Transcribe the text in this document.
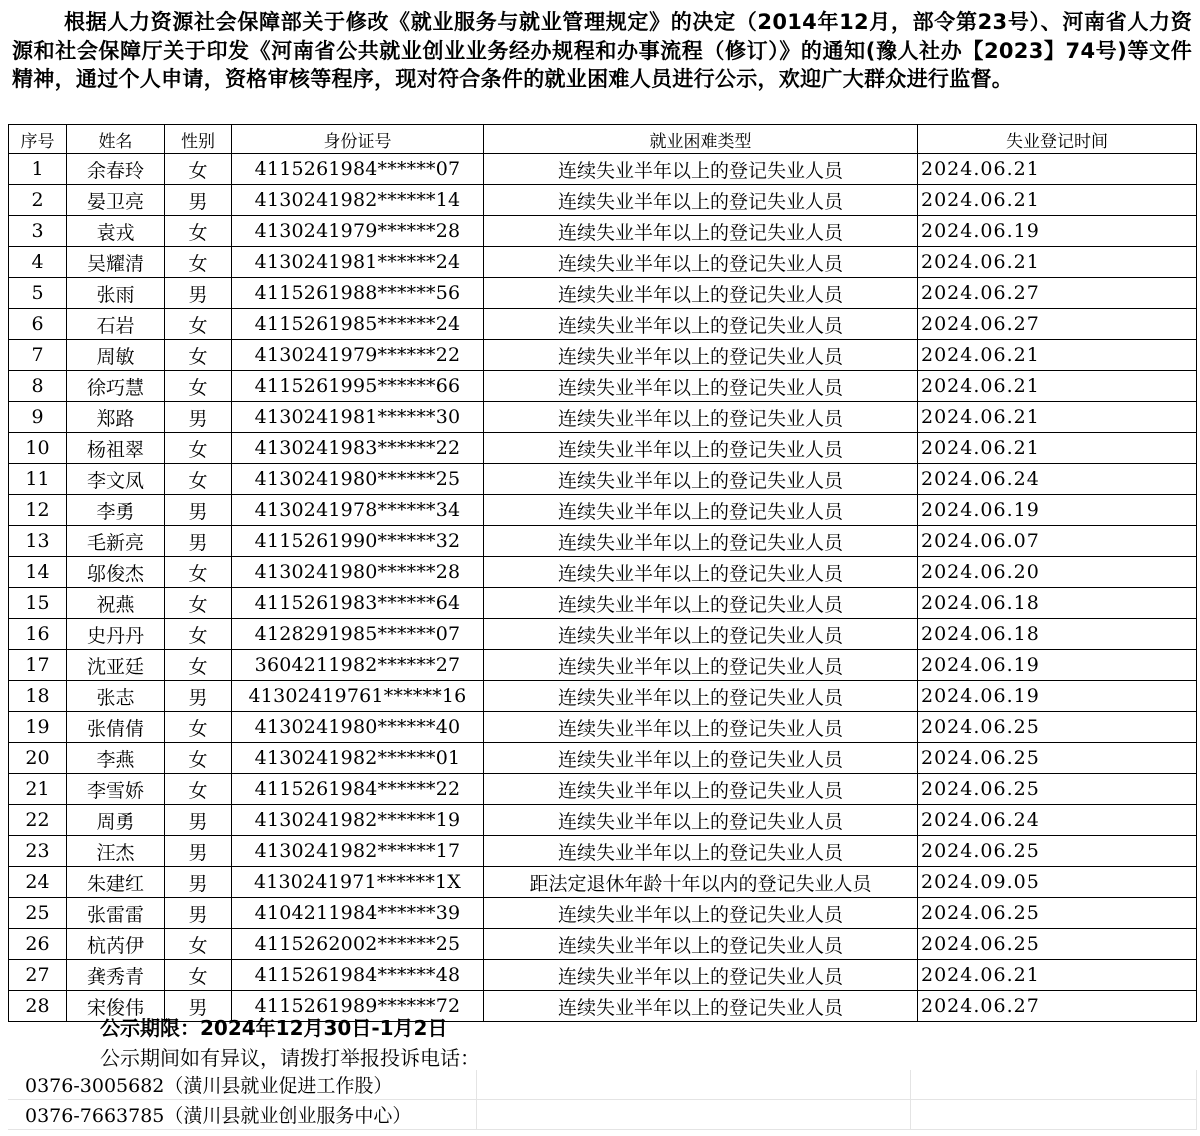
根据人力资源社会保障部关于修改《就业服务与就业管理规定》的决定（2014年12月，部令第23号）、河南省人力资源和社会保障厅关于印发《河南省公共就业创业业务经办规程和办事流程（修订）》的通知(豫人社办【2023】74号)等文件精神，通过个人申请，资格审核等程序，现对符合条件的就业困难人员进行公示，欢迎广大群众进行监督。
序号	姓名	性别	身份证号	就业困难类型	失业登记时间
1	余春玲	女	4115261984******07	连续失业半年以上的登记失业人员	2024.06.21
2	晏卫亮	男	4130241982******14	连续失业半年以上的登记失业人员	2024.06.21
3	袁戎	女	4130241979******28	连续失业半年以上的登记失业人员	2024.06.19
4	吴耀清	女	4130241981******24	连续失业半年以上的登记失业人员	2024.06.21
5	张雨	男	4115261988******56	连续失业半年以上的登记失业人员	2024.06.27
6	石岩	女	4115261985******24	连续失业半年以上的登记失业人员	2024.06.27
7	周敏	女	4130241979******22	连续失业半年以上的登记失业人员	2024.06.21
8	徐巧慧	女	4115261995******66	连续失业半年以上的登记失业人员	2024.06.21
9	郑路	男	4130241981******30	连续失业半年以上的登记失业人员	2024.06.21
10	杨祖翠	女	4130241983******22	连续失业半年以上的登记失业人员	2024.06.21
11	李文凤	女	4130241980******25	连续失业半年以上的登记失业人员	2024.06.24
12	李勇	男	4130241978******34	连续失业半年以上的登记失业人员	2024.06.19
13	毛新亮	男	4115261990******32	连续失业半年以上的登记失业人员	2024.06.07
14	邬俊杰	女	4130241980******28	连续失业半年以上的登记失业人员	2024.06.20
15	祝燕	女	4115261983******64	连续失业半年以上的登记失业人员	2024.06.18
16	史丹丹	女	4128291985******07	连续失业半年以上的登记失业人员	2024.06.18
17	沈亚廷	女	3604211982******27	连续失业半年以上的登记失业人员	2024.06.19
18	张志	男	41302419761******16	连续失业半年以上的登记失业人员	2024.06.19
19	张倩倩	女	4130241980******40	连续失业半年以上的登记失业人员	2024.06.25
20	李燕	女	4130241982******01	连续失业半年以上的登记失业人员	2024.06.25
21	李雪娇	女	4115261984******22	连续失业半年以上的登记失业人员	2024.06.25
22	周勇	男	4130241982******19	连续失业半年以上的登记失业人员	2024.06.24
23	汪杰	男	4130241982******17	连续失业半年以上的登记失业人员	2024.06.25
24	朱建红	男	4130241971******1X	距法定退休年龄十年以内的登记失业人员	2024.09.05
25	张雷雷	男	4104211984******39	连续失业半年以上的登记失业人员	2024.06.25
26	杭芮伊	女	4115262002******25	连续失业半年以上的登记失业人员	2024.06.25
27	龚秀青	女	4115261984******48	连续失业半年以上的登记失业人员	2024.06.21
28	宋俊伟	男	4115261989******72	连续失业半年以上的登记失业人员	2024.06.27
公示期限：2024年12月30日-1月2日
公示期间如有异议，请拨打举报投诉电话：
0376-3005682（潢川县就业促进工作股）		
0376-7663785（潢川县就业创业服务中心）		
